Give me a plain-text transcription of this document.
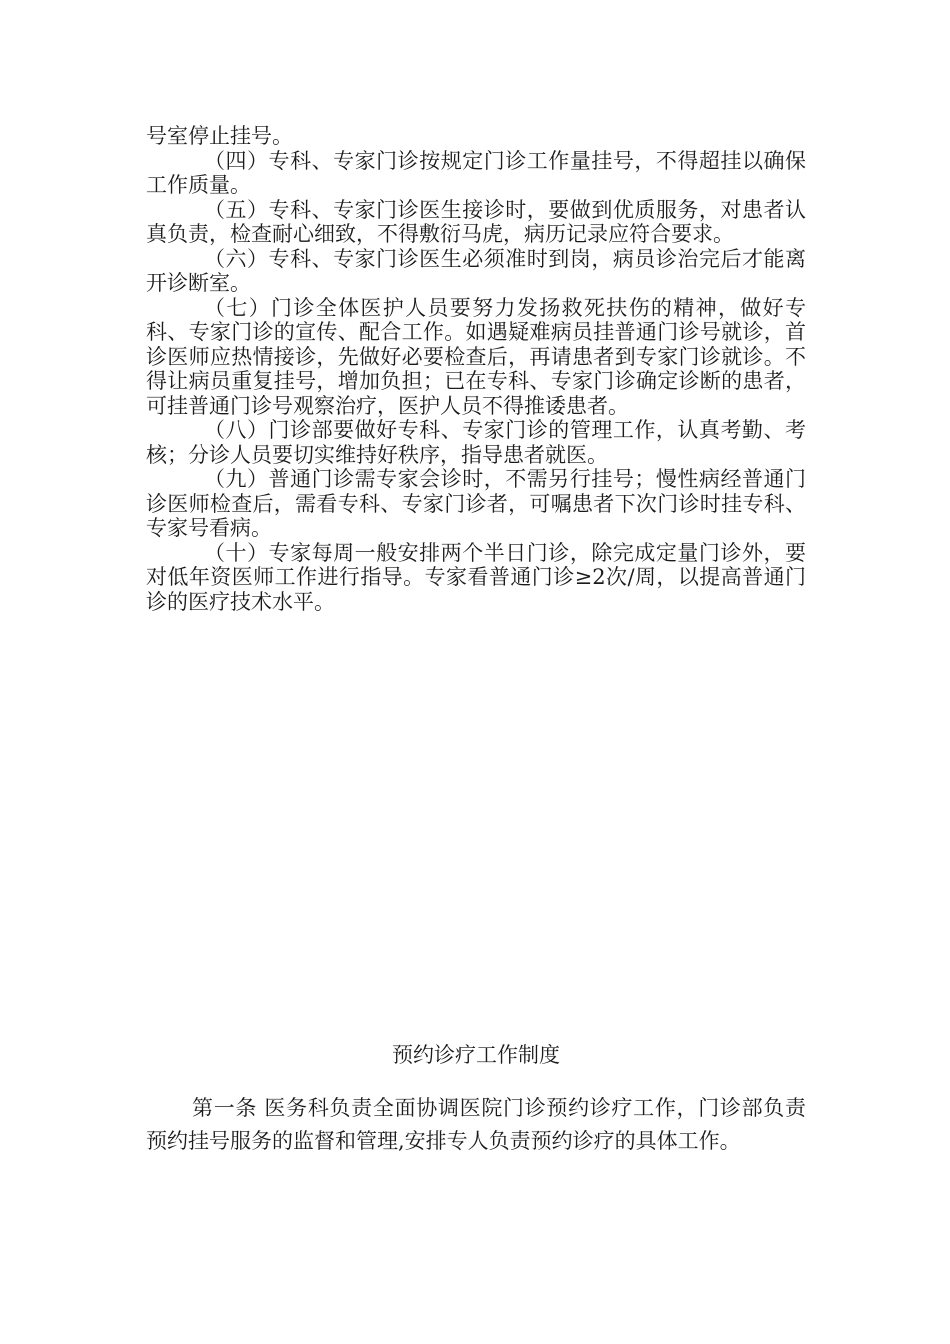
号室停止挂号。

（四）专科、专家门诊按规定门诊工作量挂号，不得超挂以确保工作质量。

（五）专科、专家门诊医生接诊时，要做到优质服务，对患者认真负责，检查耐心细致，不得敷衍马虎，病历记录应符合要求。

（六）专科、专家门诊医生必须准时到岗，病员诊治完后才能离开诊断室。

（七）门诊全体医护人员要努力发扬救死扶伤的精神，做好专科、专家门诊的宣传、配合工作。如遇疑难病员挂普通门诊号就诊，首诊医师应热情接诊，先做好必要检查后，再请患者到专家门诊就诊。不得让病员重复挂号，增加负担；已在专科、专家门诊确定诊断的患者，可挂普通门诊号观察治疗，医护人员不得推诿患者。

（八）门诊部要做好专科、专家门诊的管理工作，认真考勤、考核；分诊人员要切实维持好秩序，指导患者就医。

（九）普通门诊需专家会诊时，不需另行挂号；慢性病经普通门诊医师检查后，需看专科、专家门诊者，可嘱患者下次门诊时挂专科、专家号看病。

（十）专家每周一般安排两个半日门诊，除完成定量门诊外，要对低年资医师工作进行指导。专家看普通门诊≥2次/周，以提高普通门诊的医疗技术水平。

预约诊疗工作制度

第一条 医务科负责全面协调医院门诊预约诊疗工作，门诊部负责预约挂号服务的监督和管理,安排专人负责预约诊疗的具体工作。
